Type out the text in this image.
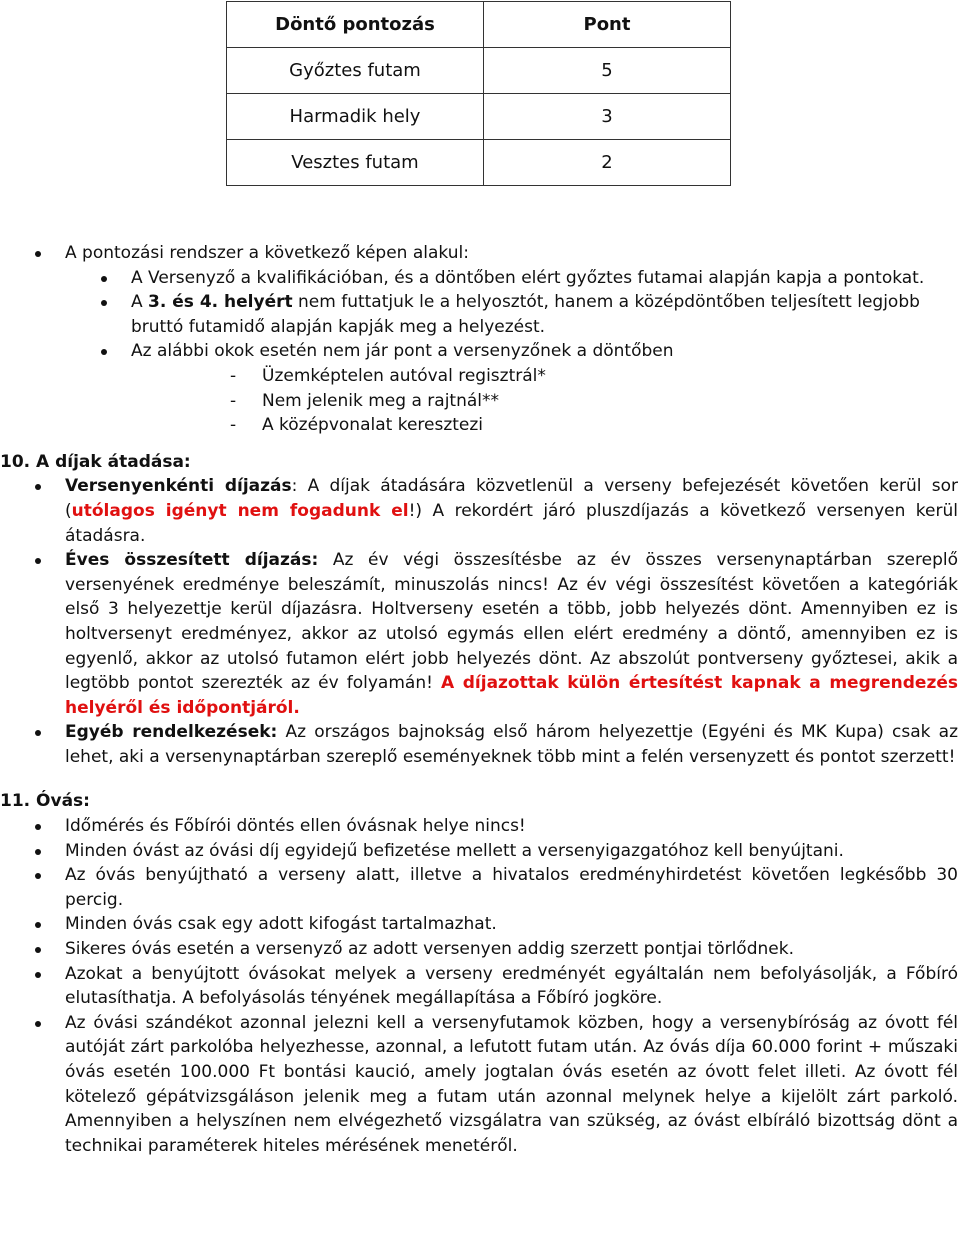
Döntő pontozás	Pont
Győztes futam	5
Harmadik hely	3
Vesztes futam	2
A pontozási rendszer a következő képen alakul:
A Versenyző a kvalifikációban, és a döntőben elért győztes futamai alapján kapja a pontokat.
A 3. és 4. helyért nem futtatjuk le a helyosztót, hanem a középdöntőben teljesített legjobb bruttó futamidő alapján kapják meg a helyezést.
Az alábbi okok esetén nem jár pont a versenyzőnek a döntőben
- Üzemképtelen autóval regisztrál*
- Nem jelenik meg a rajtnál**
- A középvonalat keresztezi
10. A díjak átadása:
Versenyenkénti díjazás: A díjak átadására közvetlenül a verseny befejezését követően kerül sor (utólagos igényt nem fogadunk el!) A rekordért járó pluszdíjazás a következő versenyen kerül átadásra.
Éves összesített díjazás: Az év végi összesítésbe az év összes versenynaptárban szereplő versenyének eredménye beleszámít, minuszolás nincs! Az év végi összesítést követően a kategóriák első 3 helyezettje kerül díjazásra. Holtverseny esetén a több, jobb helyezés dönt. Amennyiben ez is holtversenyt eredményez, akkor az utolsó egymás ellen elért eredmény a döntő, amennyiben ez is egyenlő, akkor az utolsó futamon elért jobb helyezés dönt. Az abszolút pontverseny győztesei, akik a legtöbb pontot szerezték az év folyamán! A díjazottak külön értesítést kapnak a megrendezés helyéről és időpontjáról.
Egyéb rendelkezések: Az országos bajnokság első három helyezettje (Egyéni és MK Kupa) csak az lehet, aki a versenynaptárban szereplő eseményeknek több mint a felén versenyzett és pontot szerzett!
11. Óvás:
Időmérés és Főbírói döntés ellen óvásnak helye nincs!
Minden óvást az óvási díj egyidejű befizetése mellett a versenyigazgatóhoz kell benyújtani.
Az óvás benyújtható a verseny alatt, illetve a hivatalos eredményhirdetést követően legkésőbb 30 percig.
Minden óvás csak egy adott kifogást tartalmazhat.
Sikeres óvás esetén a versenyző az adott versenyen addig szerzett pontjai törlődnek.
Azokat a benyújtott óvásokat melyek a verseny eredményét egyáltalán nem befolyásolják, a Főbíró elutasíthatja. A befolyásolás tényének megállapítása a Főbíró jogköre.
Az óvási szándékot azonnal jelezni kell a versenyfutamok közben, hogy a versenybíróság az óvott fél autóját zárt parkolóba helyezhesse, azonnal, a lefutott futam után. Az óvás díja 60.000 forint + műszaki óvás esetén 100.000 Ft bontási kaució, amely jogtalan óvás esetén az óvott felet illeti. Az óvott fél kötelező gépátvizsgáláson jelenik meg a futam után azonnal melynek helye a kijelölt zárt parkoló. Amennyiben a helyszínen nem elvégezhető vizsgálatra van szükség, az óvást elbíráló bizottság dönt a technikai paraméterek hiteles mérésének menetéről.
